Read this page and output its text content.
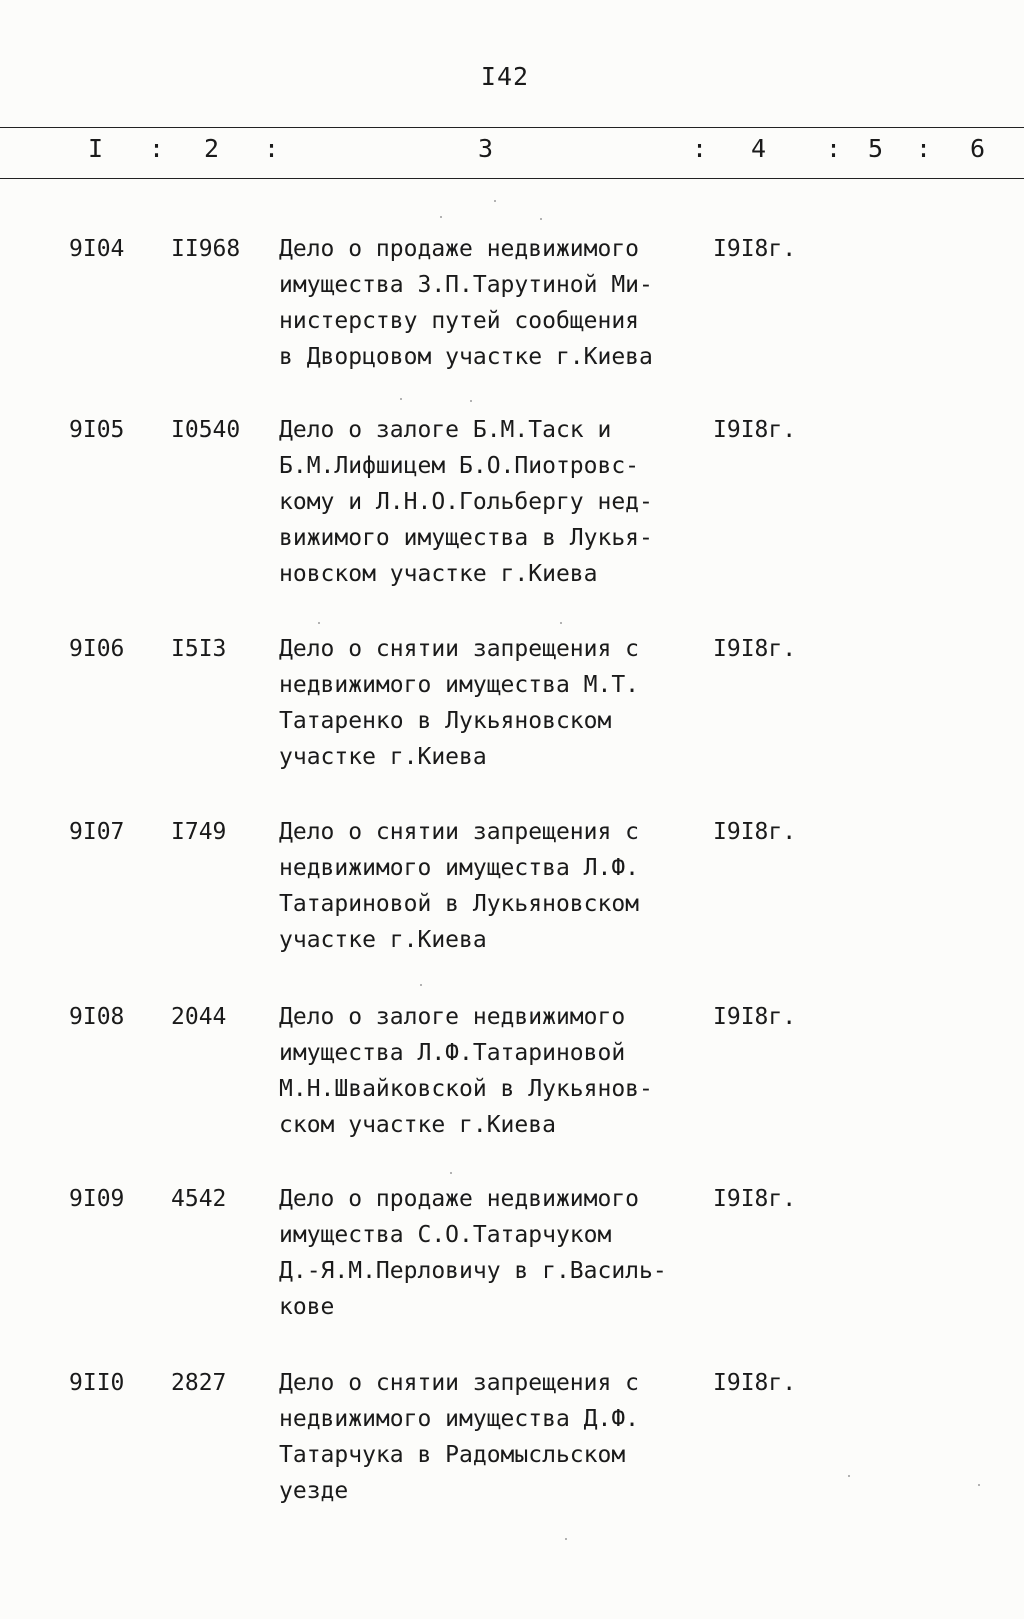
I42
I : 2 :	3	: 4 : 5 : 6
9I04	II968	Дело о продаже недвижимого
имущества З.П.Тарутиной Ми-
нистерству путей сообщения
в Дворцовом участке г.Киева
I9I8г.
9I05	I0540	Дело о залоге Б.М.Таск и
Б.М.Лифшицем Б.О.Пиотровс-
кому и Л.Н.О.Гольбергу нед-
вижимого имущества в Лукья-
новском участке г.Киева
I9I8г.
9I06	I5I3	Дело о снятии запрещения с
недвижимого имущества М.Т.
Татаренко в Лукьяновском
участке г.Киева
I9I8г.
9I07	I749	Дело о снятии запрещения с
недвижимого имущества Л.Ф.
Татариновой в Лукьяновском
участке г.Киева
I9I8г.
9I08	2044	Дело о залоге недвижимого
имущества Л.Ф.Татариновой
М.Н.Швайковской в Лукьянов-
ском участке г.Киева
I9I8г.
9I09	4542	Дело о продаже недвижимого
имущества С.О.Татарчуком
Д.-Я.М.Перловичу в г.Василь-
кове
I9I8г.
9II0	2827	Дело о снятии запрещения с
недвижимого имущества Д.Ф.
Татарчука в Радомысльском
уезде
I9I8г.
